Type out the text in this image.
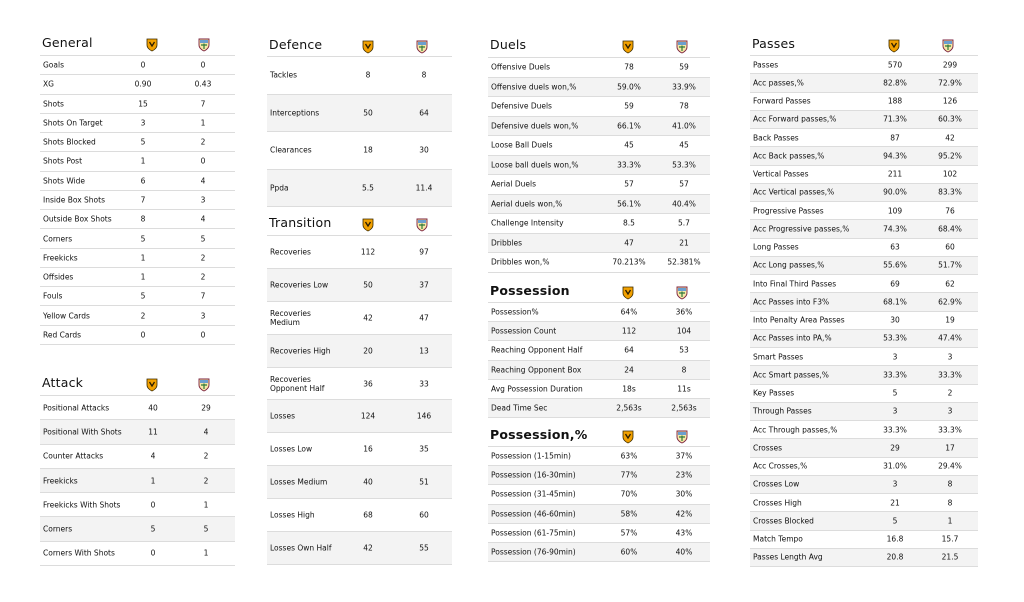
General
Goals	0	0
XG	0.90	0.43
Shots	15	7
Shots On Target	3	1
Shots Blocked	5	2
Shots Post	1	0
Shots Wide	6	4
Inside Box Shots	7	3
Outside Box Shots	8	4
Corners	5	5
Freekicks	1	2
Offsides	1	2
Fouls	5	7
Yellow Cards	2	3
Red Cards	0	0
Attack
Positional Attacks	40	29
Positional With Shots	11	4
Counter Attacks	4	2
Freekicks	1	2
Freekicks With Shots	0	1
Corners	5	5
Corners With Shots	0	1
Defence
Tackles	8	8
Interceptions	50	64
Clearances	18	30
Ppda	5.5	11.4
Transition
Recoveries	112	97
Recoveries Low	50	37
Recoveries Medium	42	47
Recoveries High	20	13
Recoveries Opponent Half	36	33
Losses	124	146
Losses Low	16	35
Losses Medium	40	51
Losses High	68	60
Losses Own Half	42	55
Duels
Offensive Duels	78	59
Offensive duels won,%	59.0%	33.9%
Defensive Duels	59	78
Defensive duels won,%	66.1%	41.0%
Loose Ball Duels	45	45
Loose ball duels won,%	33.3%	53.3%
Aerial Duels	57	57
Aerial duels won,%	56.1%	40.4%
Challenge Intensity	8.5	5.7
Dribbles	47	21
Dribbles won,%	70.213%	52.381%
Possession
Possession%	64%	36%
Possession Count	112	104
Reaching Opponent Half	64	53
Reaching Opponent Box	24	8
Avg Possession Duration	18s	11s
Dead Time Sec	2,563s	2,563s
Possession,%
Possession (1-15min)	63%	37%
Possession (16-30min)	77%	23%
Possession (31-45min)	70%	30%
Possession (46-60min)	58%	42%
Possession (61-75min)	57%	43%
Possession (76-90min)	60%	40%
Passes
Passes	570	299
Acc passes,%	82.8%	72.9%
Forward Passes	188	126
Acc Forward passes,%	71.3%	60.3%
Back Passes	87	42
Acc Back passes,%	94.3%	95.2%
Vertical Passes	211	102
Acc Vertical passes,%	90.0%	83.3%
Progressive Passes	109	76
Acc Progressive passes,%	74.3%	68.4%
Long Passes	63	60
Acc Long passes,%	55.6%	51.7%
Into Final Third Passes	69	62
Acc Passes into F3%	68.1%	62.9%
Into Penalty Area Passes	30	19
Acc Passes into PA,%	53.3%	47.4%
Smart Passes	3	3
Acc Smart passes,%	33.3%	33.3%
Key Passes	5	2
Through Passes	3	3
Acc Through passes,%	33.3%	33.3%
Crosses	29	17
Acc Crosses,%	31.0%	29.4%
Crosses Low	3	8
Crosses High	21	8
Crosses Blocked	5	1
Match Tempo	16.8	15.7
Passes Length Avg	20.8	21.5
